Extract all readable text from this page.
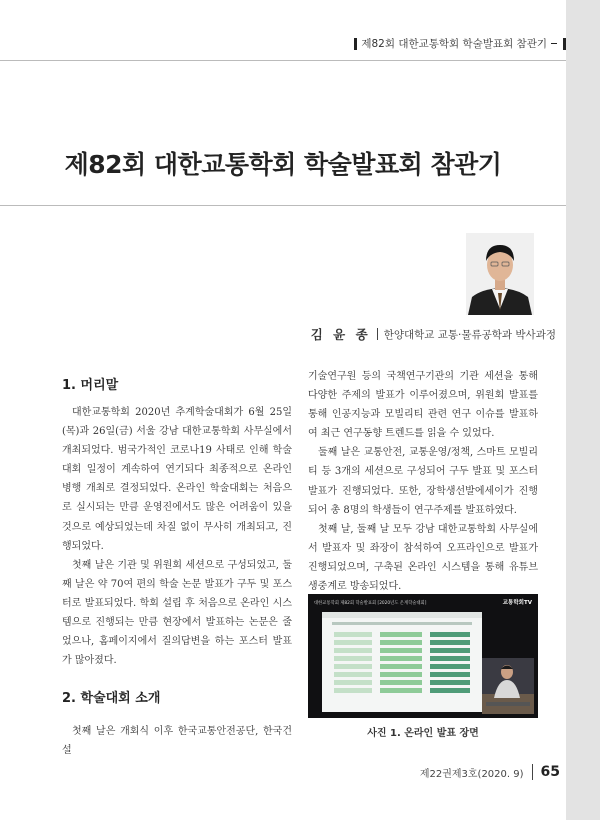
제82회 대한교통학회 학술발표회 참관기
제82회 대한교통학회 학술발표회 참관기
김 윤 종 한양대학교 교통·물류공학과 박사과정
1. 머리말

대한교통학회 2020년 추계학술대회가 6월 25일(목)과 26일(금) 서울 강남 대한교통학회 사무실에서 개최되었다. 범국가적인 코로나19 사태로 인해 학술대회 일정이 계속하여 연기되다 최종적으로 온라인 병행 개최로 결정되었다. 온라인 학술대회는 처음으로 실시되는 만큼 운영진에서도 많은 어려움이 있을 것으로 예상되었는데 차질 없이 무사히 개최되고, 진행되었다.

첫째 날은 기관 및 위원회 세션으로 구성되었고, 둘째 날은 약 70여 편의 학술 논문 발표가 구두 및 포스터로 발표되었다. 학회 설립 후 처음으로 온라인 시스템으로 진행되는 만큼 현장에서 발표하는 논문은 줄었으나, 홈페이지에서 질의답변을 하는 포스터 발표가 많아졌다.

2. 학술대회 소개

첫째 날은 개회식 이후 한국교통안전공단, 한국건설

기술연구원 등의 국책연구기관의 기관 세션을 통해 다양한 주제의 발표가 이루어졌으며, 위원회 발표를 통해 인공지능과 모빌리티 관련 연구 이슈를 발표하여 최근 연구동향 트렌드를 읽을 수 있었다.

둘째 날은 교통안전, 교통운영/정책, 스마트 모빌리티 등 3개의 세션으로 구성되어 구두 발표 및 포스터 발표가 진행되었다. 또한, 장학생선발에세이가 진행되어 총 8명의 학생들이 연구주제를 발표하였다.

첫째 날, 둘째 날 모두 강남 대한교통학회 사무실에서 발표자 및 좌장이 참석하여 오프라인으로 발표가 진행되었으며, 구축된 온라인 시스템을 통해 유튜브 생중계로 방송되었다.

대한교통학회 제82회 학술발표회 [2020년도 온계학술대회]	교통학회TV
사진 1. 온라인 발표 장면
제22권제3호(2020. 9) 65
